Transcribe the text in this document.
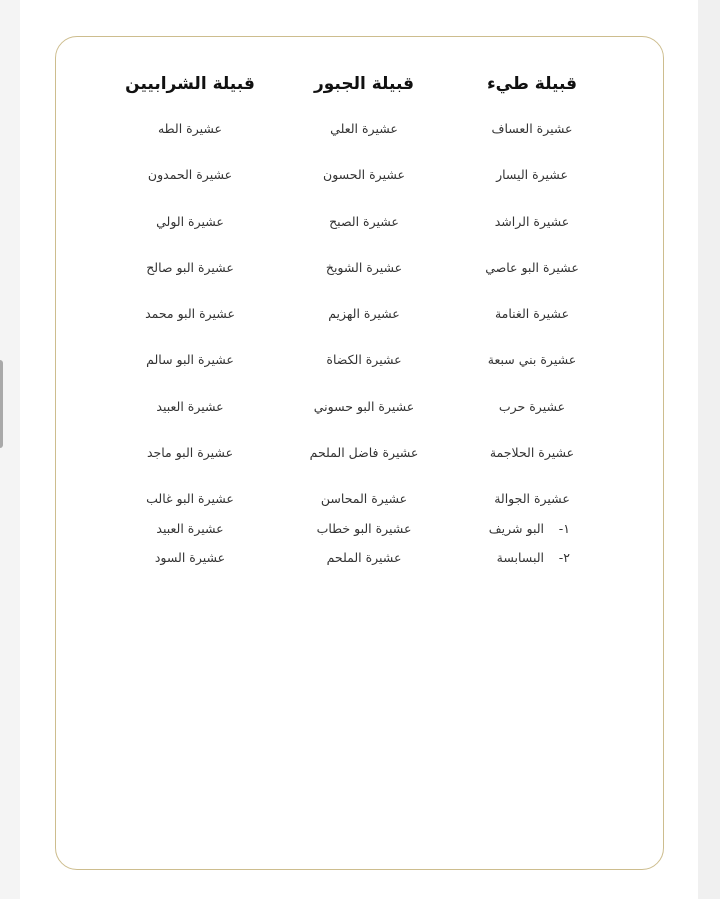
قبيلة طيء
عشيرة العساف
عشيرة اليسار
عشيرة الراشد
عشيرة البو عاصي
عشيرة الغنامة
عشيرة بني سبعة
عشيرة حرب
عشيرة الحلاجمة
عشيرة الجوالة
١- البو شريف
٢- البسابسة
قبيلة الجبور
عشيرة العلي
عشيرة الحسون
عشيرة الصبح
عشيرة الشويخ
عشيرة الهزيم
عشيرة الكضاة
عشيرة البو حسوني
عشيرة فاضل الملحم
عشيرة المحاسن
عشيرة البو خطاب
عشيرة الملحم
قبيلة الشرابيين
عشيرة الطه
عشيرة الحمدون
عشيرة الولي
عشيرة البو صالح
عشيرة البو محمد
عشيرة البو سالم
عشيرة العبيد
عشيرة البو ماجد
عشيرة البو غالب
عشيرة العبيد
عشيرة السود
